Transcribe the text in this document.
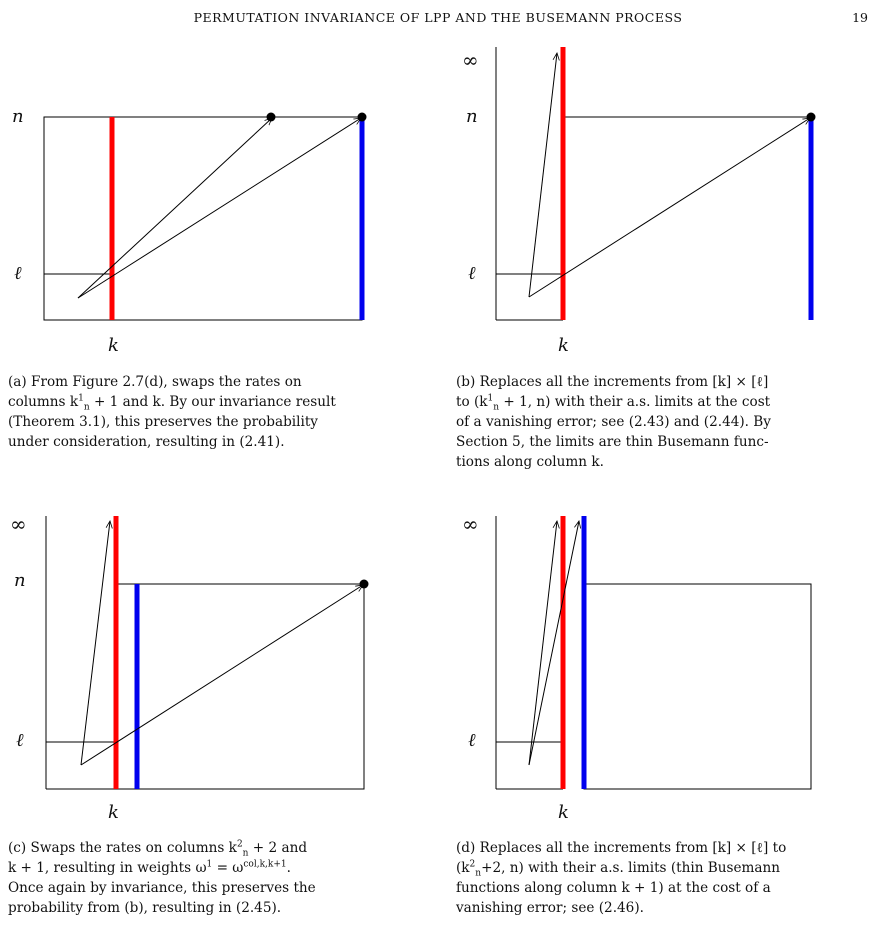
PERMUTATION INVARIANCE OF LPP AND THE BUSEMANN PROCESS	19
n
ℓ
k
(a) From Figure 2.7(d), swaps the rates on
columns $k^1_n + 1$ and k. By our invariance result
(Theorem 3.1), this preserves the probability
under consideration, resulting in (2.41).
∞
n
ℓ
k
(b) Replaces all the increments from [k] × [ℓ]
to ($k^1_n + 1$, n) with their a.s. limits at the cost
of a vanishing error; see (2.43) and (2.44). By
Section 5, the limits are thin Busemann func-
tions along column k.
∞
n
ℓ
k
(c) Swaps the rates on columns $k^2_n + 2$ and
k + 1, resulting in weights $\omega^1 = \omega^{col,k,k+1}$.
Once again by invariance, this preserves the
probability from (b), resulting in (2.45).
∞
ℓ
k
(d) Replaces all the increments from [k] × [ℓ] to
($k^2_n+2$, n) with their a.s. limits (thin Busemann
functions along column k + 1) at the cost of a
vanishing error; see (2.46).
